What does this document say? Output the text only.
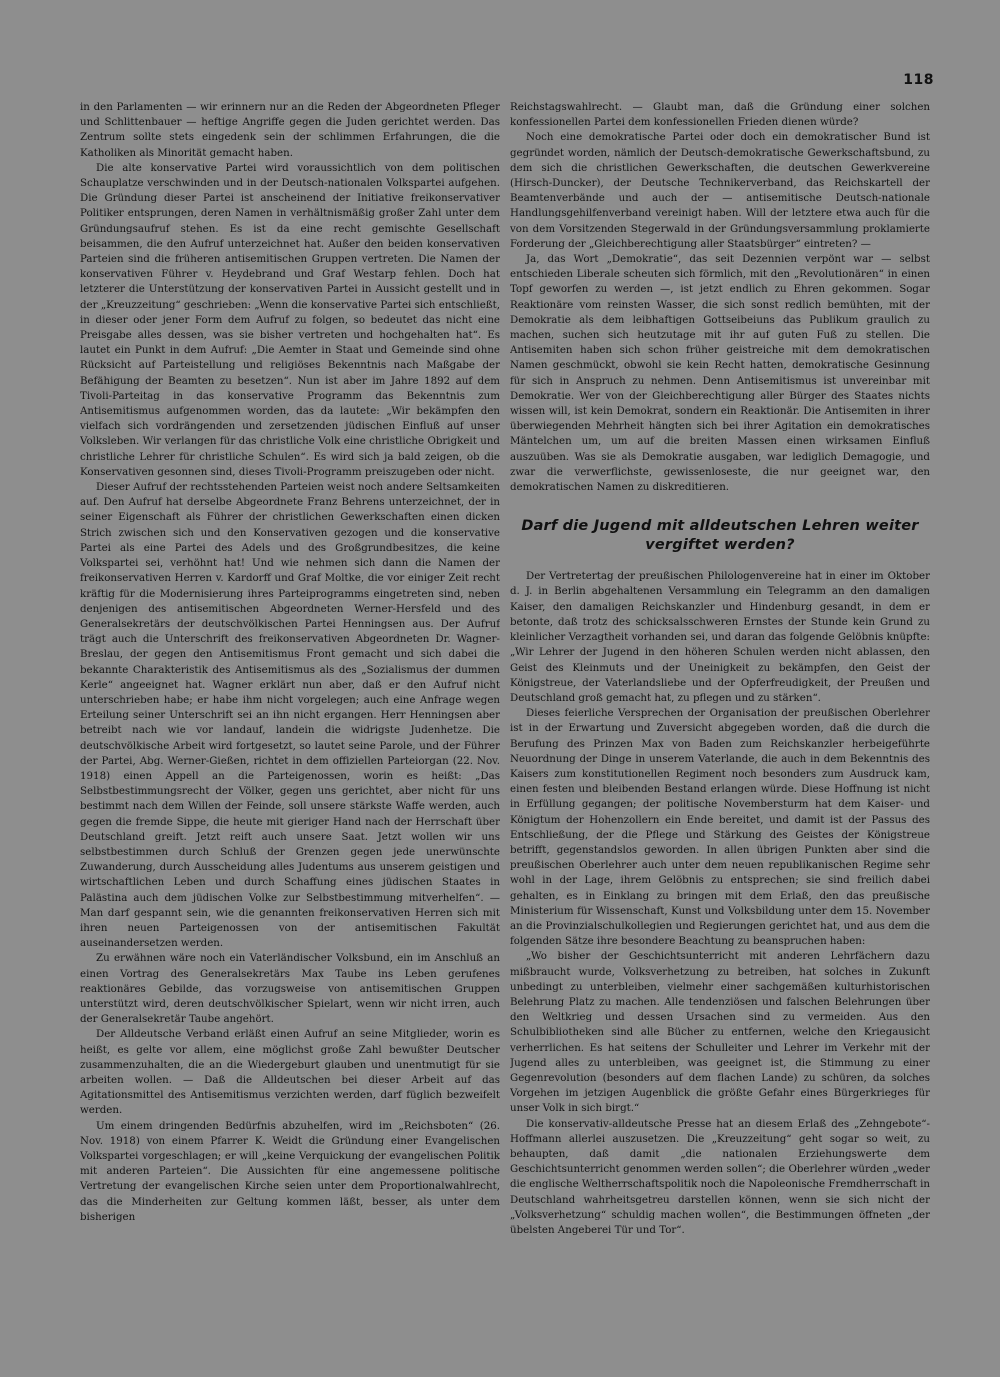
118

in den Parlamenten — wir erinnern nur an die Reden der Abgeordneten Pfleger und Schlittenbauer — heftige Angriffe gegen die Juden gerichtet werden. Das Zentrum sollte stets eingedenk sein der schlimmen Erfahrungen, die die Katholiken als Minorität gemacht haben.

Die alte konservative Partei wird voraussichtlich von dem politischen Schauplatze verschwinden und in der Deutsch-nationalen Volkspartei aufgehen. Die Gründung dieser Partei ist anscheinend der Initiative freikonservativer Politiker entsprungen, deren Namen in verhältnismäßig großer Zahl unter dem Gründungsaufruf stehen. Es ist da eine recht gemischte Gesellschaft beisammen, die den Aufruf unterzeichnet hat. Außer den beiden konservativen Parteien sind die früheren antisemitischen Gruppen vertreten. Die Namen der konservativen Führer v. Heydebrand und Graf Westarp fehlen. Doch hat letzterer die Unterstützung der konservativen Partei in Aussicht gestellt und in der „Kreuzzeitung“ geschrieben: „Wenn die konservative Partei sich entschließt, in dieser oder jener Form dem Aufruf zu folgen, so bedeutet das nicht eine Preisgabe alles dessen, was sie bisher vertreten und hochgehalten hat“. Es lautet ein Punkt in dem Aufruf: „Die Aemter in Staat und Gemeinde sind ohne Rücksicht auf Parteistellung und religiöses Bekenntnis nach Maßgabe der Befähigung der Beamten zu besetzen“. Nun ist aber im Jahre 1892 auf dem Tivoli-Parteitag in das konservative Programm das Bekenntnis zum Antisemitismus aufgenommen worden, das da lautete: „Wir bekämpfen den vielfach sich vordrängenden und zersetzenden jüdischen Einfluß auf unser Volksleben. Wir verlangen für das christliche Volk eine christliche Obrigkeit und christliche Lehrer für christliche Schulen“. Es wird sich ja bald zeigen, ob die Konservativen gesonnen sind, dieses Tivoli-Programm preiszugeben oder nicht.

Dieser Aufruf der rechtsstehenden Parteien weist noch andere Seltsamkeiten auf. Den Aufruf hat derselbe Abgeordnete Franz Behrens unterzeichnet, der in seiner Eigenschaft als Führer der christlichen Gewerkschaften einen dicken Strich zwischen sich und den Konservativen gezogen und die konservative Partei als eine Partei des Adels und des Großgrundbesitzes, die keine Volkspartei sei, verhöhnt hat! Und wie nehmen sich dann die Namen der freikonservativen Herren v. Kardorff und Graf Moltke, die vor einiger Zeit recht kräftig für die Modernisierung ihres Parteiprogramms eingetreten sind, neben denjenigen des antisemitischen Abgeordneten Werner-Hersfeld und des Generalsekretärs der deutschvölkischen Partei Henningsen aus. Der Aufruf trägt auch die Unterschrift des freikonservativen Abgeordneten Dr. Wagner-Breslau, der gegen den Antisemitismus Front gemacht und sich dabei die bekannte Charakteristik des Antisemitismus als des „Sozialismus der dummen Kerle“ angeeignet hat. Wagner erklärt nun aber, daß er den Aufruf nicht unterschrieben habe; er habe ihm nicht vorgelegen; auch eine Anfrage wegen Erteilung seiner Unterschrift sei an ihn nicht ergangen. Herr Henningsen aber betreibt nach wie vor landauf, landein die widrigste Judenhetze. Die deutschvölkische Arbeit wird fortgesetzt, so lautet seine Parole, und der Führer der Partei, Abg. Werner-Gießen, richtet in dem offiziellen Parteiorgan (22. Nov. 1918) einen Appell an die Parteigenossen, worin es heißt: „Das Selbstbestimmungsrecht der Völker, gegen uns gerichtet, aber nicht für uns bestimmt nach dem Willen der Feinde, soll unsere stärkste Waffe werden, auch gegen die fremde Sippe, die heute mit gieriger Hand nach der Herrschaft über Deutschland greift. Jetzt reift auch unsere Saat. Jetzt wollen wir uns selbstbestimmen durch Schluß der Grenzen gegen jede unerwünschte Zuwanderung, durch Ausscheidung alles Judentums aus unserem geistigen und wirtschaftlichen Leben und durch Schaffung eines jüdischen Staates in Palästina auch dem jüdischen Volke zur Selbstbestimmung mitverhelfen“. — Man darf gespannt sein, wie die genannten freikonservativen Herren sich mit ihren neuen Parteigenossen von der antisemitischen Fakultät auseinandersetzen werden.

Zu erwähnen wäre noch ein Vaterländischer Volksbund, ein im Anschluß an einen Vortrag des Generalsekretärs Max Taube ins Leben gerufenes reaktionäres Gebilde, das vorzugsweise von antisemitischen Gruppen unterstützt wird, deren deutschvölkischer Spielart, wenn wir nicht irren, auch der Generalsekretär Taube angehört.

Der Alldeutsche Verband erläßt einen Aufruf an seine Mitglieder, worin es heißt, es gelte vor allem, eine möglichst große Zahl bewußter Deutscher zusammenzuhalten, die an die Wiedergeburt glauben und unentmutigt für sie arbeiten wollen. — Daß die Alldeutschen bei dieser Arbeit auf das Agitationsmittel des Antisemitismus verzichten werden, darf füglich bezweifelt werden.

Um einem dringenden Bedürfnis abzuhelfen, wird im „Reichsboten“ (26. Nov. 1918) von einem Pfarrer K. Weidt die Gründung einer Evangelischen Volkspartei vorgeschlagen; er will „keine Verquickung der evangelischen Politik mit anderen Parteien“. Die Aussichten für eine angemessene politische Vertretung der evangelischen Kirche seien unter dem Proportionalwahlrecht, das die Minderheiten zur Geltung kommen läßt, besser, als unter dem bisherigen

Reichstagswahlrecht. — Glaubt man, daß die Gründung einer solchen konfessionellen Partei dem konfessionellen Frieden dienen würde?

Noch eine demokratische Partei oder doch ein demokratischer Bund ist gegründet worden, nämlich der Deutsch-demokratische Gewerkschaftsbund, zu dem sich die christlichen Gewerkschaften, die deutschen Gewerkvereine (Hirsch-Duncker), der Deutsche Technikerverband, das Reichskartell der Beamtenverbände und auch der — antisemitische Deutsch-nationale Handlungsgehilfenverband vereinigt haben. Will der letztere etwa auch für die von dem Vorsitzenden Stegerwald in der Gründungsversammlung proklamierte Forderung der „Gleichberechtigung aller Staatsbürger“ eintreten? —

Ja, das Wort „Demokratie“, das seit Dezennien verpönt war — selbst entschieden Liberale scheuten sich förmlich, mit den „Revolutionären“ in einen Topf geworfen zu werden —, ist jetzt endlich zu Ehren gekommen. Sogar Reaktionäre vom reinsten Wasser, die sich sonst redlich bemühten, mit der Demokratie als dem leibhaftigen Gottseibeiuns das Publikum graulich zu machen, suchen sich heutzutage mit ihr auf guten Fuß zu stellen. Die Antisemiten haben sich schon früher geistreiche mit dem demokratischen Namen geschmückt, obwohl sie kein Recht hatten, demokratische Gesinnung für sich in Anspruch zu nehmen. Denn Antisemitismus ist unvereinbar mit Demokratie. Wer von der Gleichberechtigung aller Bürger des Staates nichts wissen will, ist kein Demokrat, sondern ein Reaktionär. Die Antisemiten in ihrer überwiegenden Mehrheit hängten sich bei ihrer Agitation ein demokratisches Mäntelchen um, um auf die breiten Massen einen wirksamen Einfluß auszuüben. Was sie als Demokratie ausgaben, war lediglich Demagogie, und zwar die verwerflichste, gewissenloseste, die nur geeignet war, den demokratischen Namen zu diskreditieren.

Darf die Jugend mit alldeutschen Lehren weiter vergiftet werden?

Der Vertretertag der preußischen Philologenvereine hat in einer im Oktober d. J. in Berlin abgehaltenen Versammlung ein Telegramm an den damaligen Kaiser, den damaligen Reichskanzler und Hindenburg gesandt, in dem er betonte, daß trotz des schicksalsschweren Ernstes der Stunde kein Grund zu kleinlicher Verzagtheit vorhanden sei, und daran das folgende Gelöbnis knüpfte: „Wir Lehrer der Jugend in den höheren Schulen werden nicht ablassen, den Geist des Kleinmuts und der Uneinigkeit zu bekämpfen, den Geist der Königstreue, der Vaterlandsliebe und der Opferfreudigkeit, der Preußen und Deutschland groß gemacht hat, zu pflegen und zu stärken“.

Dieses feierliche Versprechen der Organisation der preußischen Oberlehrer ist in der Erwartung und Zuversicht abgegeben worden, daß die durch die Berufung des Prinzen Max von Baden zum Reichskanzler herbeigeführte Neuordnung der Dinge in unserem Vaterlande, die auch in dem Bekenntnis des Kaisers zum konstitutionellen Regiment noch besonders zum Ausdruck kam, einen festen und bleibenden Bestand erlangen würde. Diese Hoffnung ist nicht in Erfüllung gegangen; der politische Novembersturm hat dem Kaiser- und Königtum der Hohenzollern ein Ende bereitet, und damit ist der Passus des Entschließung, der die Pflege und Stärkung des Geistes der Königstreue betrifft, gegenstandslos geworden. In allen übrigen Punkten aber sind die preußischen Oberlehrer auch unter dem neuen republikanischen Regime sehr wohl in der Lage, ihrem Gelöbnis zu entsprechen; sie sind freilich dabei gehalten, es in Einklang zu bringen mit dem Erlaß, den das preußische Ministerium für Wissenschaft, Kunst und Volksbildung unter dem 15. November an die Provinzialschulkollegien und Regierungen gerichtet hat, und aus dem die folgenden Sätze ihre besondere Beachtung zu beanspruchen haben:

„Wo bisher der Geschichtsunterricht mit anderen Lehrfächern dazu mißbraucht wurde, Volksverhetzung zu betreiben, hat solches in Zukunft unbedingt zu unterbleiben, vielmehr einer sachgemäßen kulturhistorischen Belehrung Platz zu machen. Alle tendenziösen und falschen Belehrungen über den Weltkrieg und dessen Ursachen sind zu vermeiden. Aus den Schulbibliotheken sind alle Bücher zu entfernen, welche den Kriegausicht verherrlichen. Es hat seitens der Schulleiter und Lehrer im Verkehr mit der Jugend alles zu unterbleiben, was geeignet ist, die Stimmung zu einer Gegenrevolution (besonders auf dem flachen Lande) zu schüren, da solches Vorgehen im jetzigen Augenblick die größte Gefahr eines Bürgerkrieges für unser Volk in sich birgt.“

Die konservativ-alldeutsche Presse hat an diesem Erlaß des „Zehngebote“-Hoffmann allerlei auszusetzen. Die „Kreuzzeitung“ geht sogar so weit, zu behaupten, daß damit „die nationalen Erziehungswerte dem Geschichtsunterricht genommen werden sollen“; die Oberlehrer würden „weder die englische Weltherrschaftspolitik noch die Napoleonische Fremdherrschaft in Deutschland wahrheitsgetreu darstellen können, wenn sie sich nicht der „Volksverhetzung“ schuldig machen wollen“, die Bestimmungen öffneten „der übelsten Angeberei Tür und Tor“.
